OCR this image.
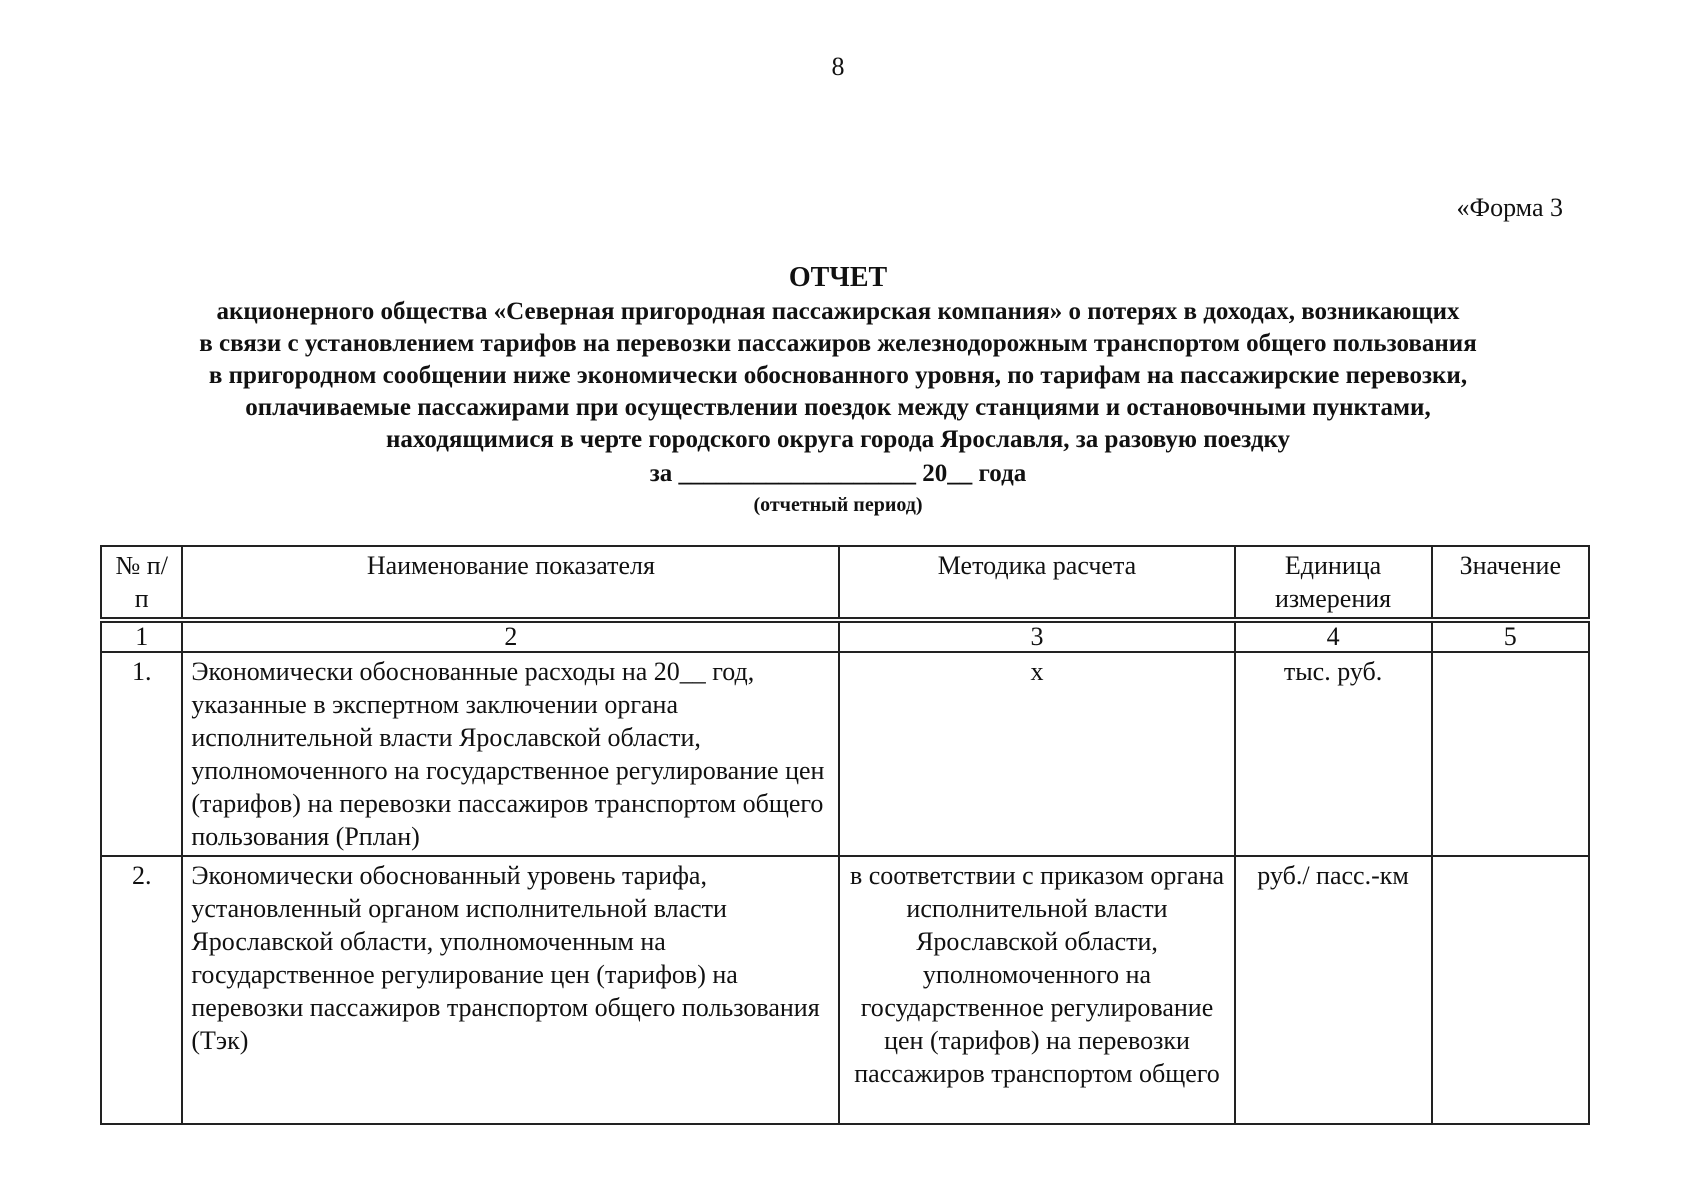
8
«Форма 3
ОТЧЕТ
акционерного общества «Северная пригородная пассажирская компания» о потерях в доходах, возникающих
в связи с установлением тарифов на перевозки пассажиров железнодорожным транспортом общего пользования
в пригородном сообщении ниже экономически обоснованного уровня, по тарифам на пассажирские перевозки,
оплачиваемые пассажирами при осуществлении поездок между станциями и остановочными пунктами,
находящимися в черте городского округа города Ярославля, за разовую поездку
за ___________________ 20__ года
(отчетный период)
№ п/п	Наименование показателя	Методика расчета	Единица измерения	Значение

1	2	3	4	5
1.	Экономически обоснованные расходы на 20__ год, указанные в экспертном заключении органа исполнительной власти Ярославской области, уполномоченного на государственное регулирование цен (тарифов) на перевозки пассажиров транспортом общего пользования (Рплан)	х	тыс. руб.	
2.	Экономически обоснованный уровень тарифа, установленный органом исполнительной власти Ярославской области, уполномоченным на государственное регулирование цен (тарифов) на перевозки пассажиров транспортом общего пользования (Тэк)	в соответствии с приказом органа исполнительной власти Ярославской области, уполномоченного на государственное регулирование цен (тарифов) на перевозки пассажиров транспортом общего	руб./ пасс.-км	
